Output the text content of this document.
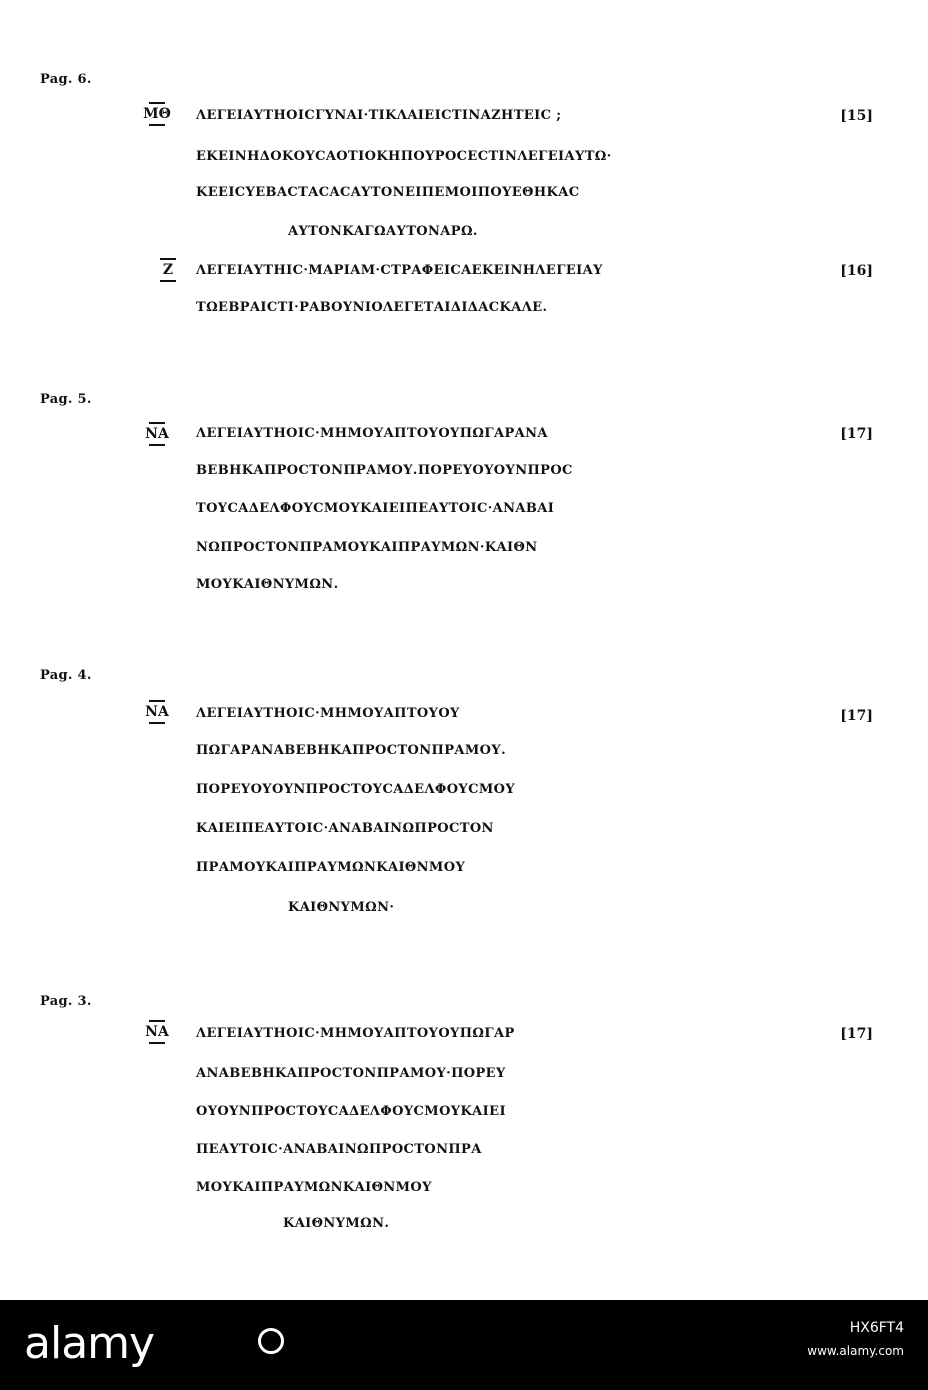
Pag. 6.
ΜΘ
Ζ
ΛΕΓΕΙΑΥΤΗΟΙCΓΥΝΑΙ·ΤΙΚΛΑΙΕΙCΤΙΝΑΖΗΤΕΙC ;
ΕΚΕΙΝΗΔΟΚΟΥCΑΟΤΙΟΚΗΠΟΥΡΟCΕCΤΙΝΛΕΓΕΙΑΥΤΩ·
ΚΕΕΙCΥΕΒΑCΤΑCΑCΑΥΤΟΝΕΙΠΕΜΟΙΠΟΥΕΘΗΚΑC
ΑΥΤΟΝΚΑΓΩΑΥΤΟΝΑΡΩ.
ΛΕΓΕΙΑΥΤΗΙC·ΜΑΡΙΑΜ·CΤΡΑΦΕΙCΑΕΚΕΙΝΗΛΕΓΕΙΑΥ
ΤΩΕΒΡΑΙCΤΙ·ΡΑΒΟΥΝΙΟΛΕΓΕΤΑΙΔΙΔΑCΚΑΛΕ.
[15]
[16]
Pag. 5.
ΝΑ	ΛΕΓΕΙΑΥΤΗΟΙC·ΜΗΜΟΥΑΠΤΟΥΟΥΠΩΓΑΡΑΝΑ
ΒΕΒΗΚΑΠΡΟCΤΟΝΠΡΑΜΟΥ.ΠΟΡΕΥΟΥΟΥΝΠΡΟC
ΤΟΥCΑΔΕΛΦΟΥCΜΟΥΚΑΙΕΙΠΕΑΥΤΟΙC·ΑΝΑΒΑΙ
ΝΩΠΡΟCΤΟΝΠΡΑΜΟΥΚΑΙΠΡΑΥΜΩΝ·ΚΑΙΘΝ
ΜΟΥΚΑΙΘΝΥΜΩΝ.
[17]
Pag. 4.
ΝΑ	ΛΕΓΕΙΑΥΤΗΟΙC·ΜΗΜΟΥΑΠΤΟΥΟΥ
ΠΩΓΑΡΑΝΑΒΕΒΗΚΑΠΡΟCΤΟΝΠΡΑΜΟΥ.
ΠΟΡΕΥΟΥΟΥΝΠΡΟCΤΟΥCΑΔΕΛΦΟΥCΜΟΥ
ΚΑΙΕΙΠΕΑΥΤΟΙC·ΑΝΑΒΑΙΝΩΠΡΟCΤΟΝ
ΠΡΑΜΟΥΚΑΙΠΡΑΥΜΩΝΚΑΙΘΝΜΟΥ
ΚΑΙΘΝΥΜΩΝ·
[17]
Pag. 3.
ΝΑ	ΛΕΓΕΙΑΥΤΗΟΙC·ΜΗΜΟΥΑΠΤΟΥΟΥΠΩΓΑΡ
ΑΝΑΒΕΒΗΚΑΠΡΟCΤΟΝΠΡΑΜΟΥ·ΠΟΡΕΥ
ΟΥΟΥΝΠΡΟCΤΟΥCΑΔΕΛΦΟΥCΜΟΥΚΑΙΕΙ
ΠΕΑΥΤΟΙC·ΑΝΑΒΑΙΝΩΠΡΟCΤΟΝΠΡΑ
ΜΟΥΚΑΙΠΡΑΥΜΩΝΚΑΙΘΝΜΟΥ
ΚΑΙΘΝΥΜΩΝ.
[17]
alamy	HX6FT4
www.alamy.com
